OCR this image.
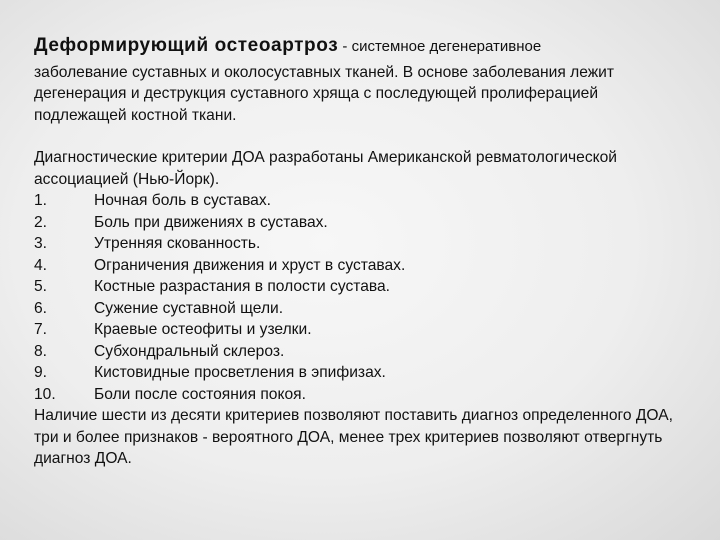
Деформирующий остеоартроз - системное дегенеративное

заболевание суставных и околосуставных тканей. В основе заболевания лежит дегенерация и деструкция суставного хряща с последующей пролиферацией подлежащей костной ткани.

Диагностические критерии ДОА разработаны Американской ревматологической ассоциацией (Нью-Йорк).

1.	Ночная боль в суставах.
2.	Боль при движениях в суставах.
3.	Утренняя скованность.
4.	Ограничения движения и хруст в суставах.
5.	Костные разрастания в полости сустава.
6.	Сужение суставной щели.
7.	Краевые остеофиты и узелки.
8.	Субхондральный склероз.
9.	Кистовидные просветления в эпифизах.
10.	Боли после состояния покоя.

Наличие шести из десяти критериев позволяют поставить диагноз определенного ДОА, три и более признаков - вероятного ДОА, менее трех критериев позволяют отвергнуть диагноз ДОА.
